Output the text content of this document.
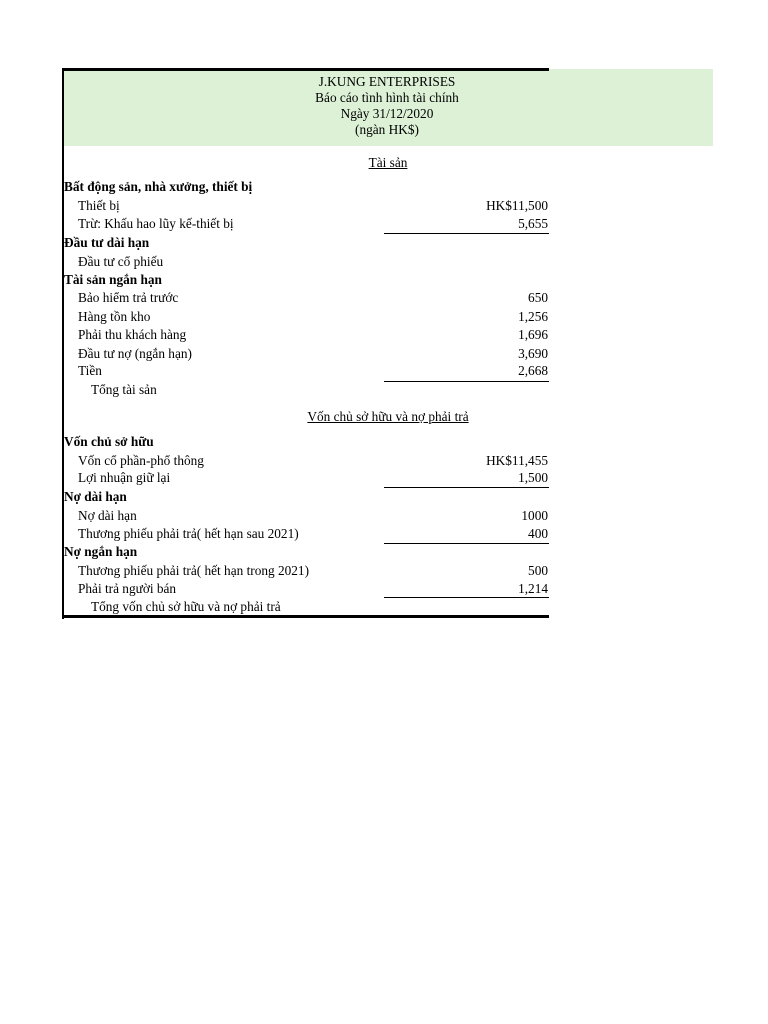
J.KUNG ENTERPRISES
Báo cáo tình hình tài chính
Ngày 31/12/2020
(ngàn HK$)
Tài sản
Bất động sản, nhà xưởng, thiết bị
Thiết bị	HK$11,500
Trừ: Khấu hao lũy kế-thiết bị	5,655
Đầu tư dài hạn
Đầu tư cổ phiếu
Tài sản ngắn hạn
Bảo hiểm trả trước	650
Hàng tồn kho	1,256
Phải thu khách hàng	1,696
Đầu tư nợ (ngắn hạn)	3,690
Tiền	2,668
Tổng tài sản
Vốn chủ sở hữu và nợ phải trả
Vốn chủ sở hữu
Vốn cổ phần-phổ thông	HK$11,455
Lợi nhuận giữ lại	1,500
Nợ dài hạn
Nợ dài hạn	1000
Thương phiếu phải trả( hết hạn sau 2021)	400
Nợ ngắn hạn
Thương phiếu phải trả( hết hạn trong 2021)	500
Phải trả người bán	1,214
Tổng vốn chủ sở hữu và nợ phải trả
